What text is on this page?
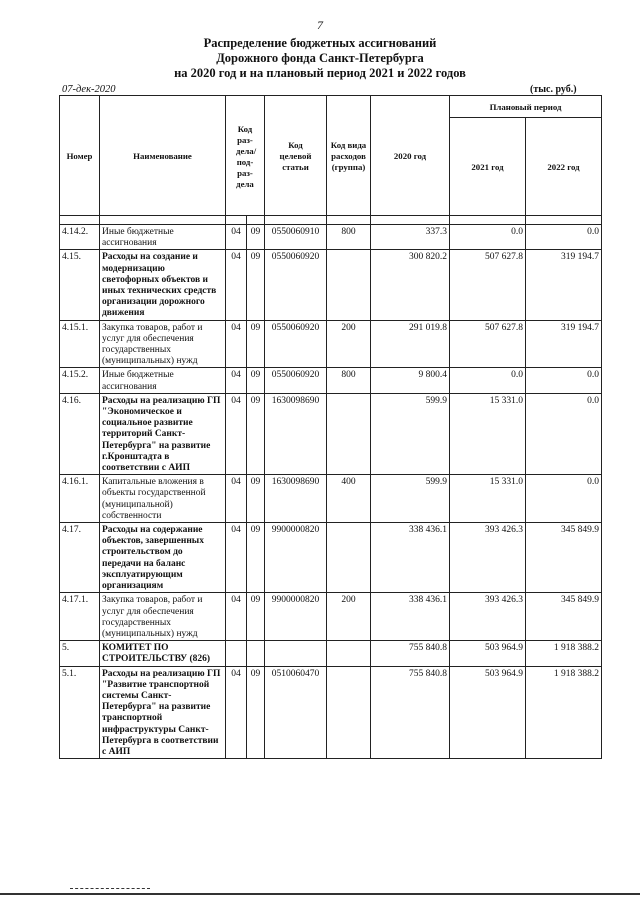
7
Распределение бюджетных ассигнований
Дорожного фонда Санкт-Петербурга
на 2020 год и на плановый период 2021 и 2022 годов
07-дек-2020	(тыс. руб.)
Номер	Наименование	Код раз- дела/ под- раз- дела		Код целевой статьи	Код вида расходов (группа)	2020 год	Плановый период	
							2021 год	2022 год

4.14.2.	Иные бюджетные ассигнования	04	09	0550060910	800	337.3	0.0	0.0
4.15.	Расходы на создание и модернизацию светофорных объектов и иных технических средств организации дорожного движения	04	09	0550060920		300 820.2	507 627.8	319 194.7
4.15.1.	Закупка товаров, работ и услуг для обеспечения государственных (муниципальных) нужд	04	09	0550060920	200	291 019.8	507 627.8	319 194.7
4.15.2.	Иные бюджетные ассигнования	04	09	0550060920	800	9 800.4	0.0	0.0
4.16.	Расходы на реализацию ГП "Экономическое и социальное развитие территорий Санкт-Петербурга" на развитие г.Кронштадта в соответствии с АИП	04	09	1630098690		599.9	15 331.0	0.0
4.16.1.	Капитальные вложения в объекты государственной (муниципальной) собственности	04	09	1630098690	400	599.9	15 331.0	0.0
4.17.	Расходы на содержание объектов, завершенных строительством до передачи на баланс эксплуатирующим организациям	04	09	9900000820		338 436.1	393 426.3	345 849.9
4.17.1.	Закупка товаров, работ и услуг для обеспечения государственных (муниципальных) нужд	04	09	9900000820	200	338 436.1	393 426.3	345 849.9
5.	КОМИТЕТ ПО СТРОИТЕЛЬСТВУ (826)					755 840.8	503 964.9	1 918 388.2
5.1.	Расходы на реализацию ГП "Развитие транспортной системы Санкт-Петербурга" на развитие транспортной инфраструктуры Санкт-Петербурга в соответствии с АИП	04	09	0510060470		755 840.8	503 964.9	1 918 388.2
